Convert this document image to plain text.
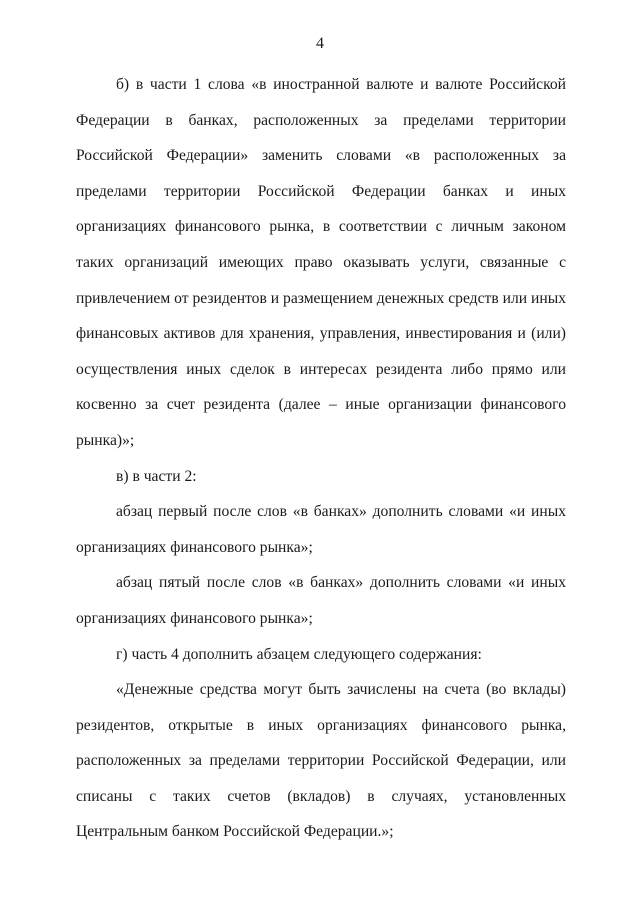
4

б) в части 1 слова «в иностранной валюте и валюте Российской Федерации в банках, расположенных за пределами территории Российской Федерации» заменить словами «в расположенных за пределами территории Российской Федерации банках и иных организациях финансового рынка, в соответствии с личным законом таких организаций имеющих право оказывать услуги, связанные с привлечением от резидентов и размещением денежных средств или иных финансовых активов для хранения, управления, инвестирования и (или) осуществления иных сделок в интересах резидента либо прямо или косвенно за счет резидента (далее – иные организации финансового рынка)»;

в) в части 2:

абзац первый после слов «в банках» дополнить словами «и иных организациях финансового рынка»;

абзац пятый после слов «в банках» дополнить словами «и иных организациях финансового рынка»;

г) часть 4 дополнить абзацем следующего содержания:

«Денежные средства могут быть зачислены на счета (во вклады) резидентов, открытые в иных организациях финансового рынка, расположенных за пределами территории Российской Федерации, или списаны с таких счетов (вкладов) в случаях, установленных Центральным банком Российской Федерации.»;
